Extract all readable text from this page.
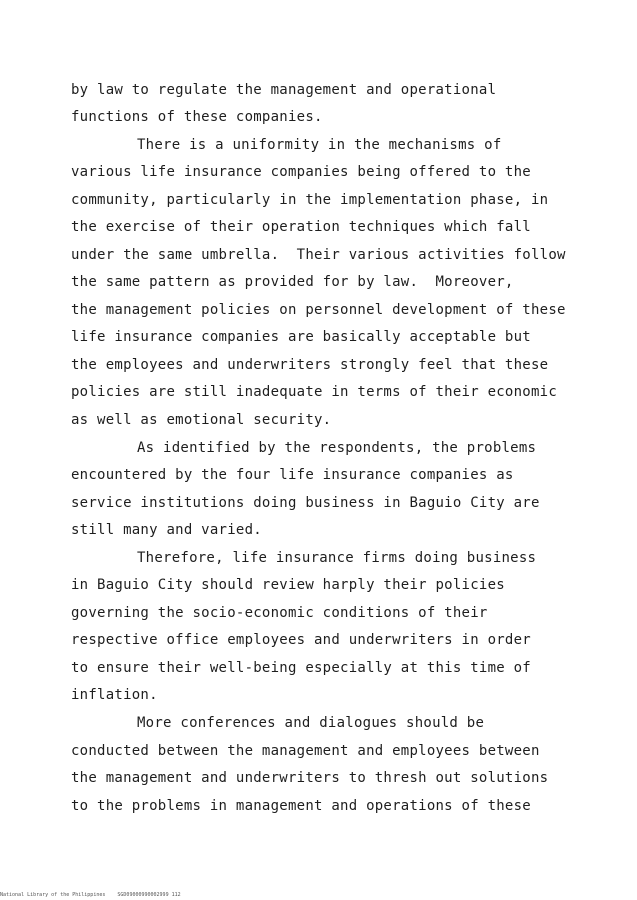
by law to regulate the management and operational

functions of these companies.

There is a uniformity in the mechanisms of

various life insurance companies being offered to the

community, particularly in the implementation phase, in

the exercise of their operation techniques which fall

under the same umbrella.  Their various activities follow

the same pattern as provided for by law.  Moreover,

the management policies on personnel development of these

life insurance companies are basically acceptable but

the employees and underwriters strongly feel that these

policies are still inadequate in terms of their economic

as well as emotional security.

As identified by the respondents, the problems

encountered by the four life insurance companies as

service institutions doing business in Baguio City are

still many and varied.

Therefore, life insurance firms doing business

in Baguio City should review harply their policies

governing the socio-economic conditions of their

respective office employees and underwriters in order

to ensure their well-being especially at this time of

inflation.

More conferences and dialogues should be

conducted between the management and employees between

the management and underwriters to thresh out solutions

to the problems in management and operations of these

National Library of the Philippines    SGD09000990002999 112
